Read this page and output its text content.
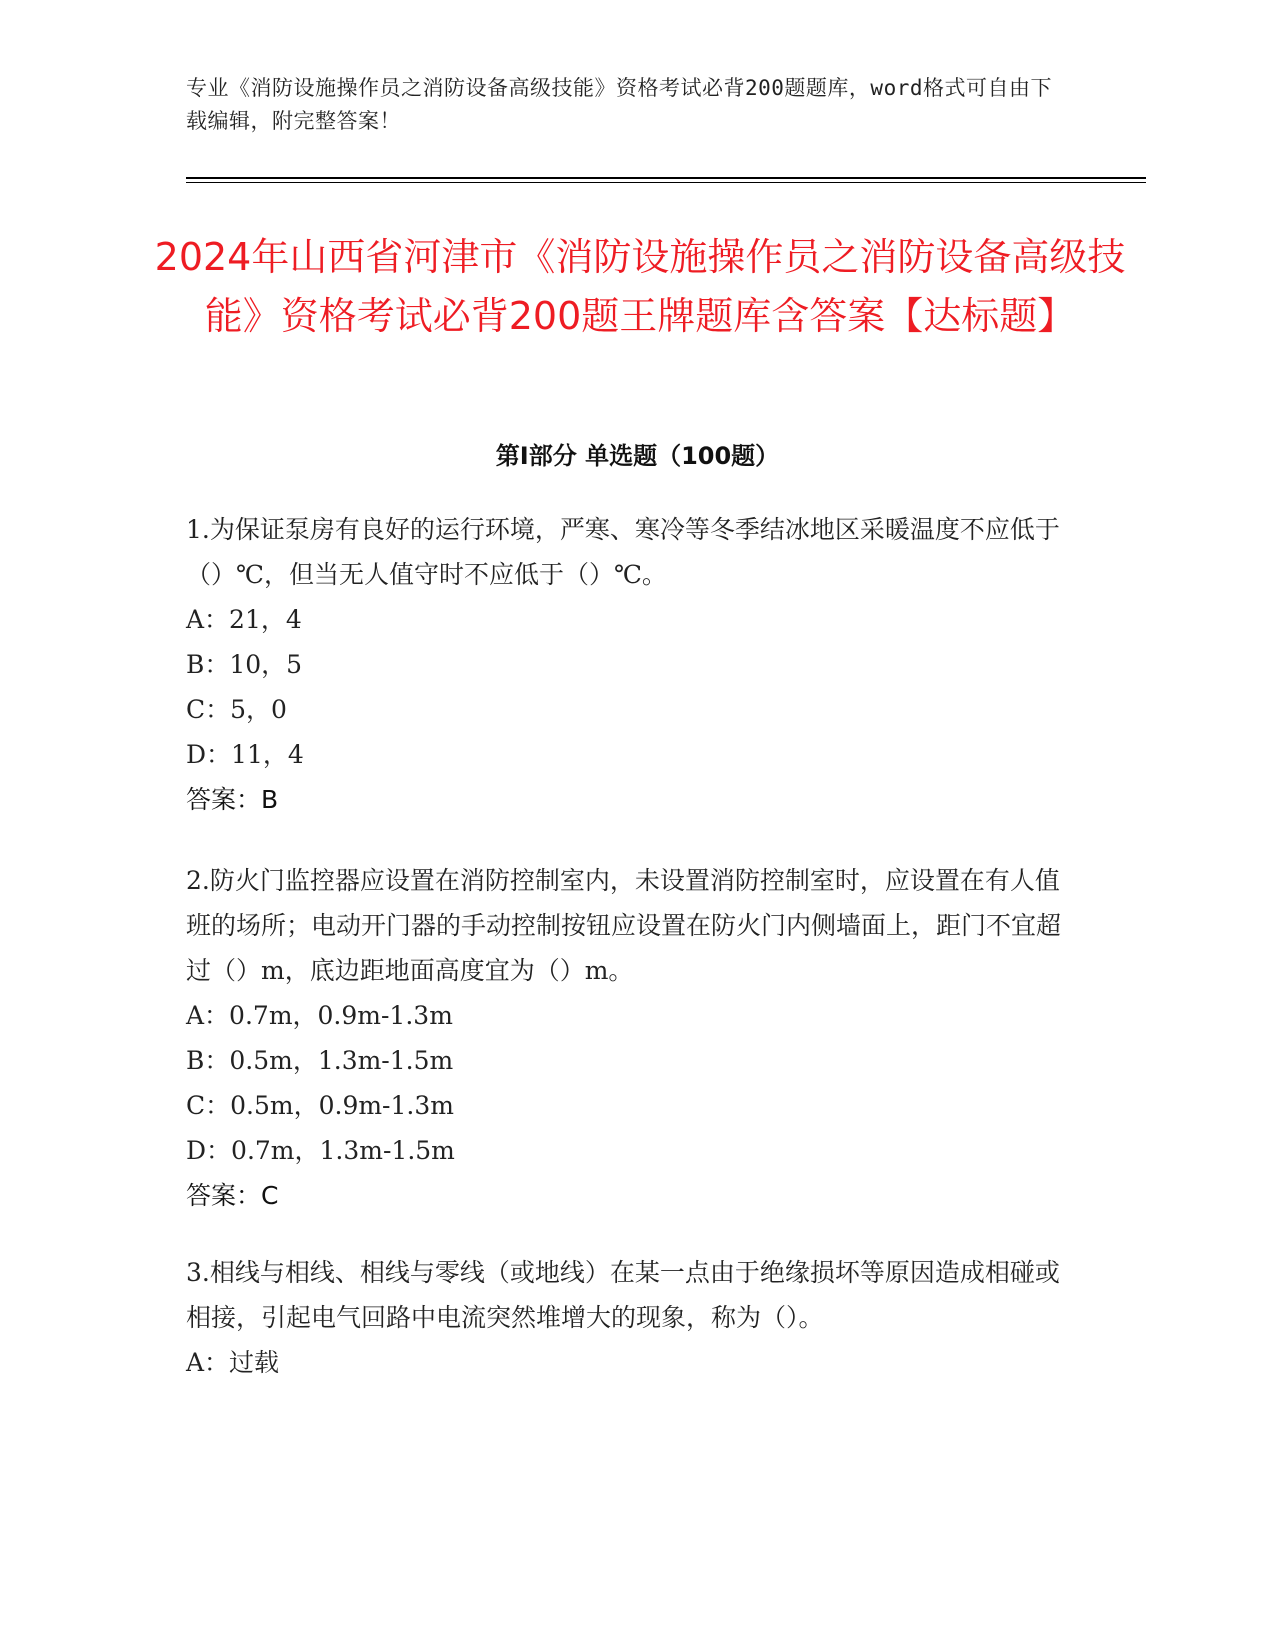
专业《消防设施操作员之消防设备高级技能》资格考试必背200题题库，word格式可自由下载编辑，附完整答案！

2024年山西省河津市《消防设施操作员之消防设备高级技能》资格考试必背200题王牌题库含答案【达标题】
第I部分 单选题（100题）

1.为保证泵房有良好的运行环境，严寒、寒冷等冬季结冰地区采暖温度不应低于（）℃，但当无人值守时不应低于（）℃。

A：21，4

B：10，5

C：5，0

D：11，4

答案：B

2.防火门监控器应设置在消防控制室内，未设置消防控制室时，应设置在有人值班的场所；电动开门器的手动控制按钮应设置在防火门内侧墙面上，距门不宜超过（）m，底边距地面高度宜为（）m。

A：0.7m，0.9m-1.3m

B：0.5m，1.3m-1.5m

C：0.5m，0.9m-1.3m

D：0.7m，1.3m-1.5m

答案：C

3.相线与相线、相线与零线（或地线）在某一点由于绝缘损坏等原因造成相碰或相接，引起电气回路中电流突然堆增大的现象，称为（）。

A：过载
